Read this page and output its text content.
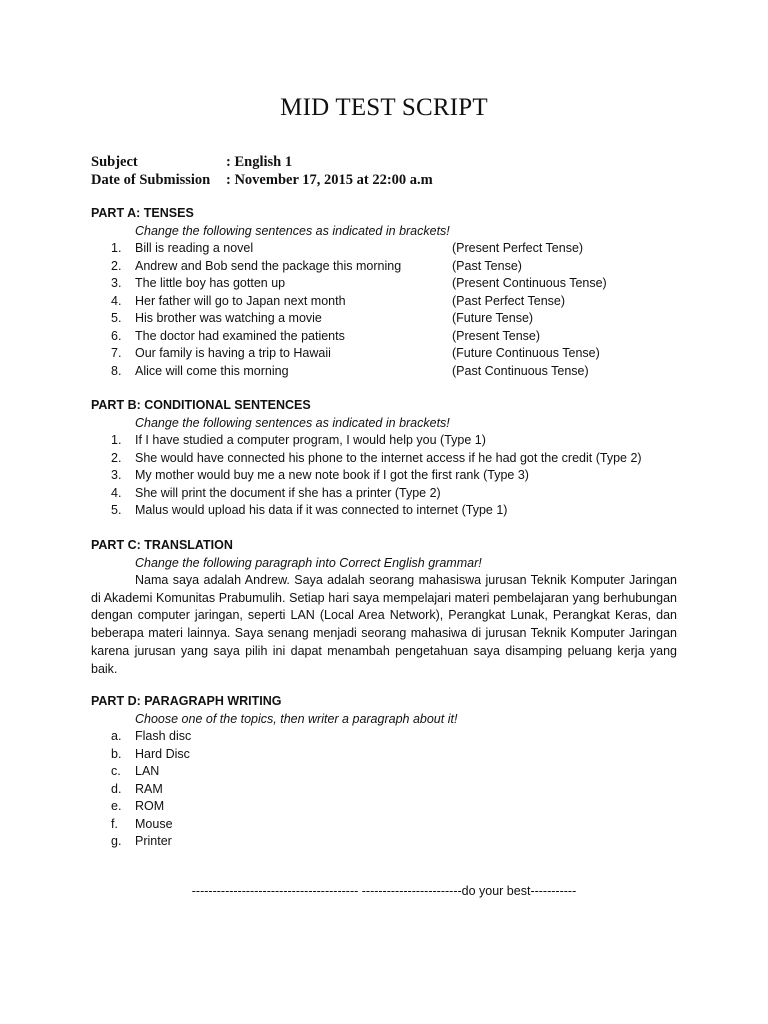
MID TEST SCRIPT
Subject	: English 1
Date of Submission : November 17, 2015 at 22:00 a.m
PART A: TENSES
Change the following sentences as indicated in brackets!
1.	Bill is reading a novel	(Present Perfect Tense)
2.	Andrew and Bob send the package this morning	(Past Tense)
3.	The little boy has gotten up	(Present Continuous Tense)
4.	Her father will go to Japan next month	(Past Perfect Tense)
5.	His brother was watching a movie	(Future Tense)
6.	The doctor had examined the patients	(Present Tense)
7.	Our family is having a trip to Hawaii	(Future Continuous Tense)
8.	Alice will come this morning	(Past Continuous Tense)
PART B: CONDITIONAL SENTENCES
Change the following sentences as indicated in brackets!
1.	If I have studied a computer program, I would help you (Type 1)
2.	She would have connected his phone to the internet access if he had got the credit (Type 2)
3.	My mother would buy me a new note book if I got the first rank (Type 3)
4.	She will print the document if she has a printer (Type 2)
5.	Malus would upload his data if it was connected to internet (Type 1)
PART C: TRANSLATION
Change the following paragraph into Correct English grammar!

Nama saya adalah Andrew. Saya adalah seorang mahasiswa jurusan Teknik Komputer Jaringan di Akademi Komunitas Prabumulih. Setiap hari saya mempelajari materi pembelajaran yang berhubungan dengan computer jaringan, seperti LAN (Local Area Network), Perangkat Lunak, Perangkat Keras, dan beberapa materi lainnya. Saya senang menjadi seorang mahasiwa di jurusan Teknik Komputer Jaringan karena jurusan yang saya pilih ini dapat menambah pengetahuan saya disamping peluang kerja yang baik.

PART D: PARAGRAPH WRITING
Choose one of the topics, then writer a paragraph about it!
a.	Flash disc
b.	Hard Disc
c.	LAN
d.	RAM
e.	ROM
f.	Mouse
g.	Printer
---------------------------------------- ------------------------do your best-----------
